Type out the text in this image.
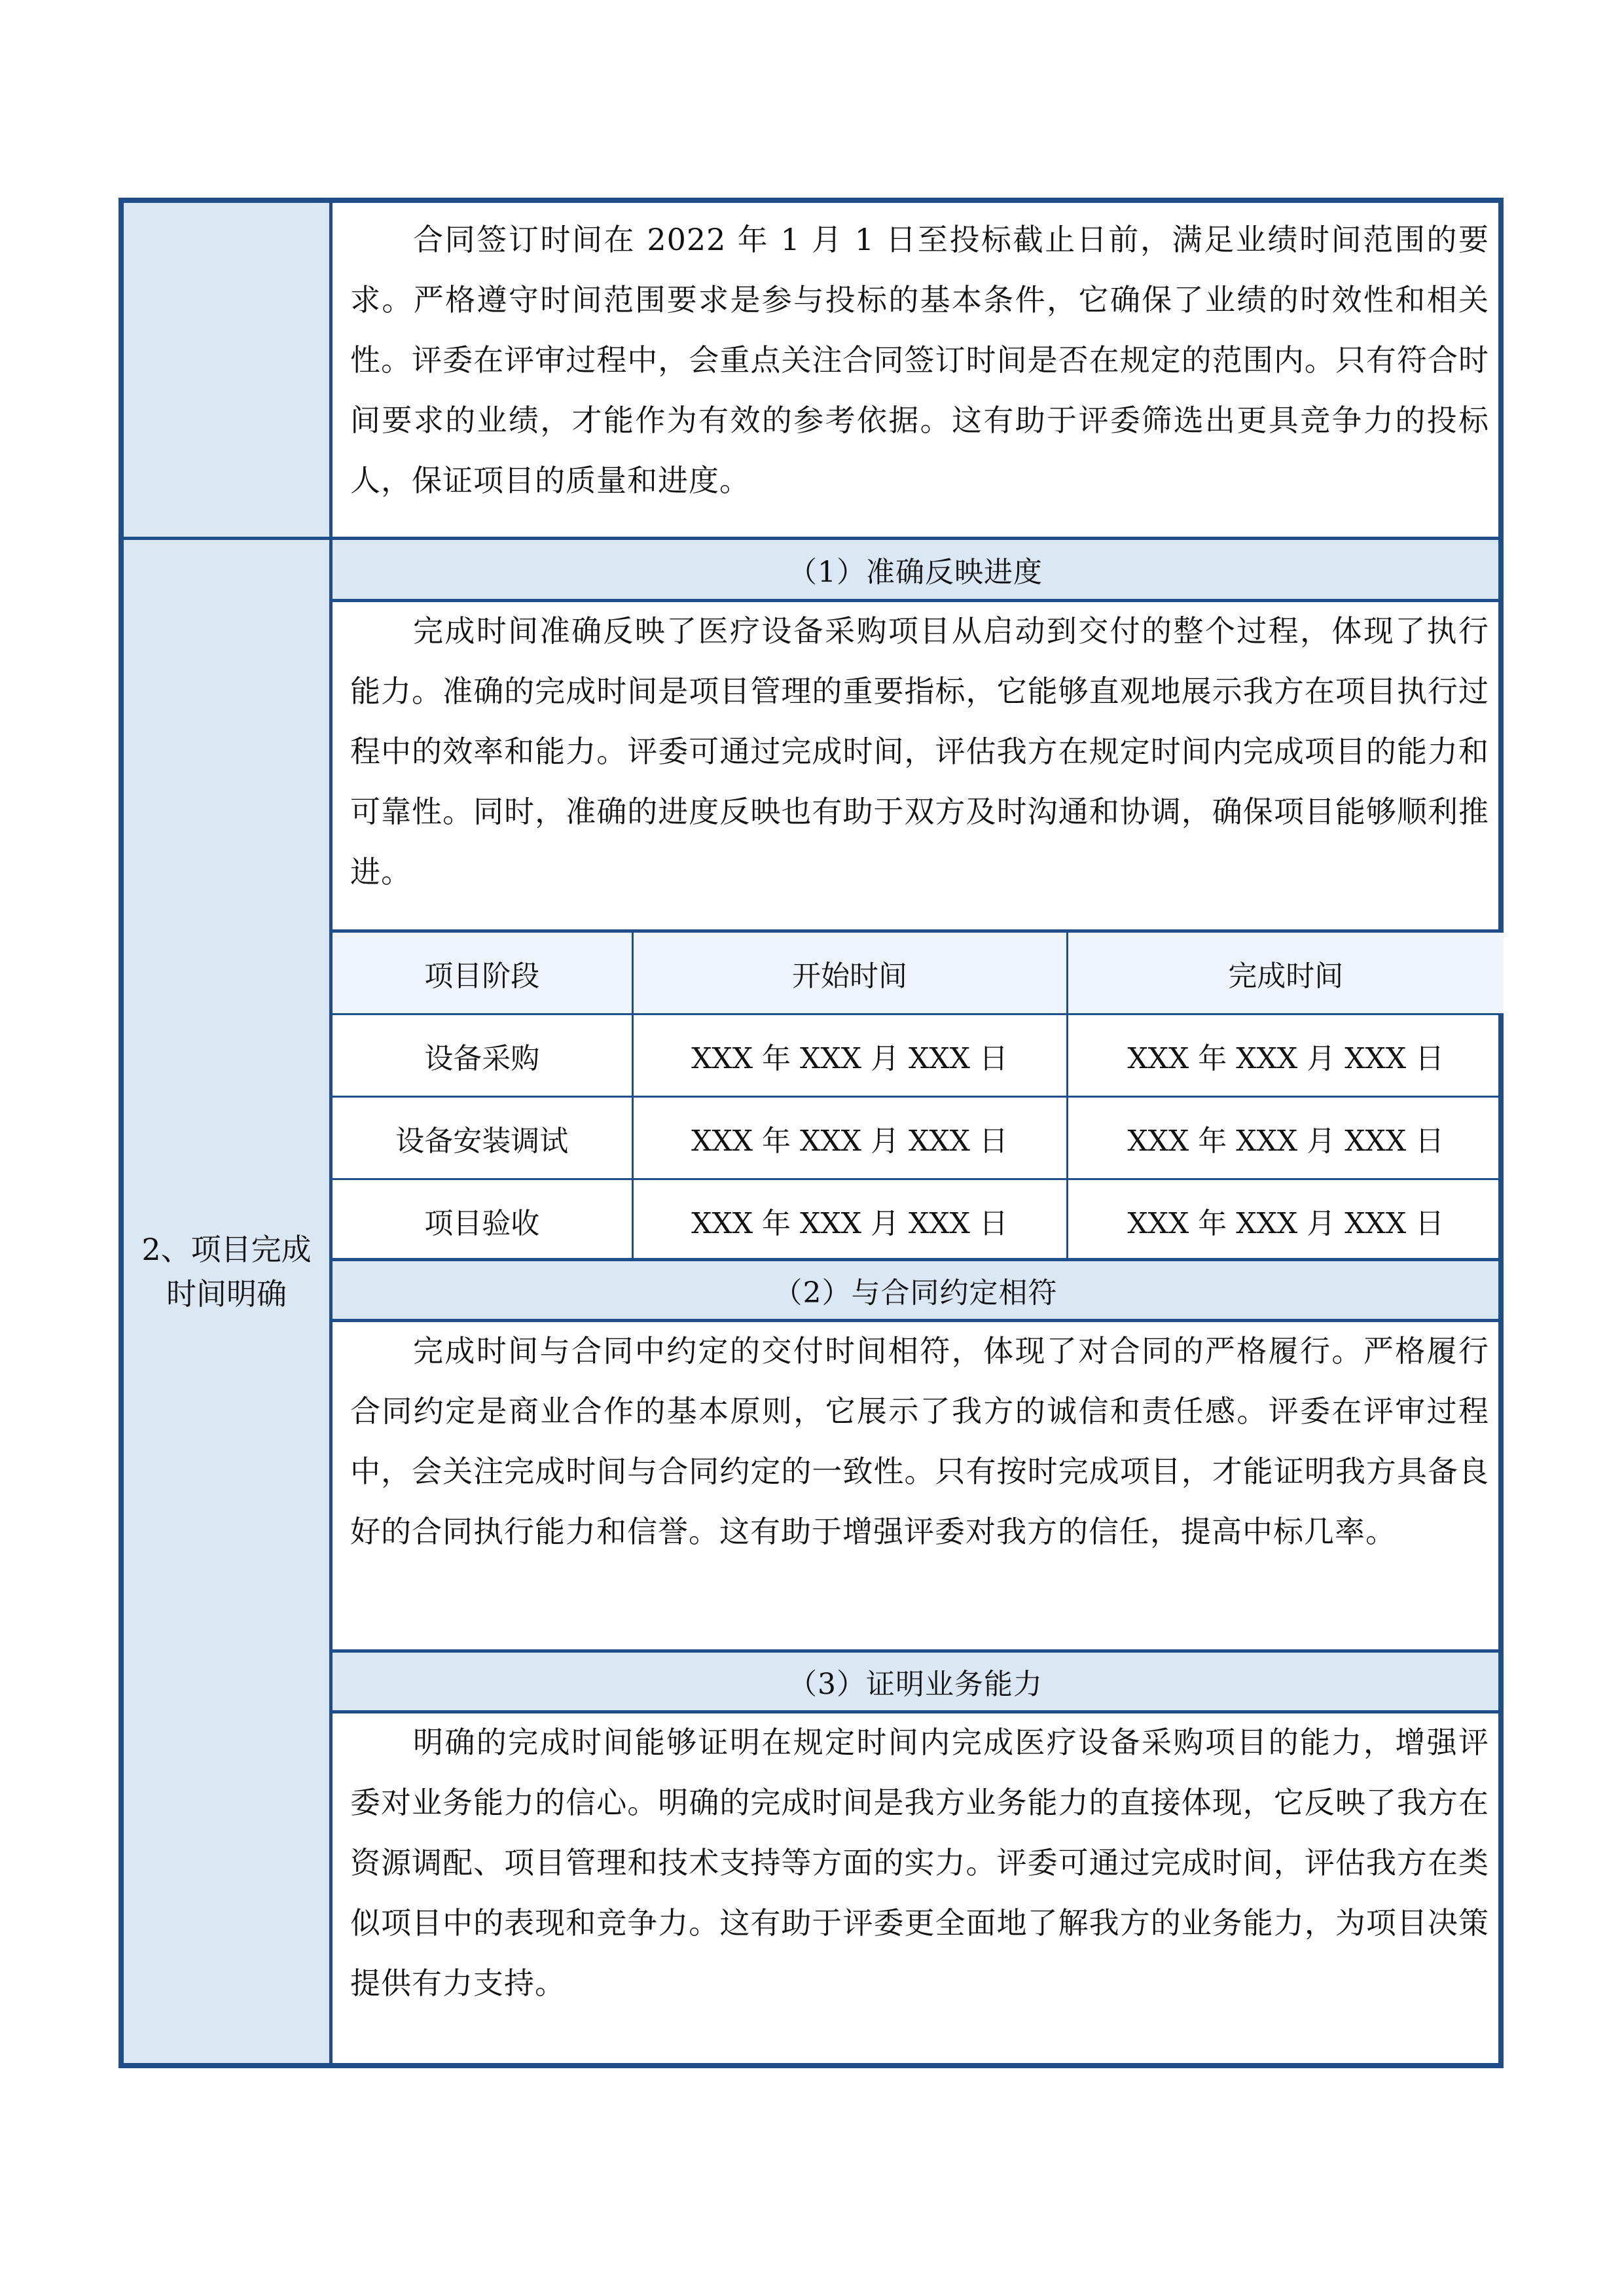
合同签订时间在 2022 年 1 月 1 日至投标截止日前，满足业绩时间范围的要求。严格遵守时间范围要求是参与投标的基本条件，它确保了业绩的时效性和相关性。评委在评审过程中，会重点关注合同签订时间是否在规定的范围内。只有符合时间要求的业绩，才能作为有效的参考依据。这有助于评委筛选出更具竞争力的投标人，保证项目的质量和进度。

2、项目完成时间明确
（1）准确反映进度

完成时间准确反映了医疗设备采购项目从启动到交付的整个过程，体现了执行能力。准确的完成时间是项目管理的重要指标，它能够直观地展示我方在项目执行过程中的效率和能力。评委可通过完成时间，评估我方在规定时间内完成项目的能力和可靠性。同时，准确的进度反映也有助于双方及时沟通和协调，确保项目能够顺利推进。

项目阶段	开始时间	完成时间
设备采购	XXX 年 XXX 月 XXX 日	XXX 年 XXX 月 XXX 日
设备安装调试	XXX 年 XXX 月 XXX 日	XXX 年 XXX 月 XXX 日
项目验收	XXX 年 XXX 月 XXX 日	XXX 年 XXX 月 XXX 日
（2）与合同约定相符

完成时间与合同中约定的交付时间相符，体现了对合同的严格履行。严格履行合同约定是商业合作的基本原则，它展示了我方的诚信和责任感。评委在评审过程中，会关注完成时间与合同约定的一致性。只有按时完成项目，才能证明我方具备良好的合同执行能力和信誉。这有助于增强评委对我方的信任，提高中标几率。

（3）证明业务能力

明确的完成时间能够证明在规定时间内完成医疗设备采购项目的能力，增强评委对业务能力的信心。明确的完成时间是我方业务能力的直接体现，它反映了我方在资源调配、项目管理和技术支持等方面的实力。评委可通过完成时间，评估我方在类似项目中的表现和竞争力。这有助于评委更全面地了解我方的业务能力，为项目决策提供有力支持。
